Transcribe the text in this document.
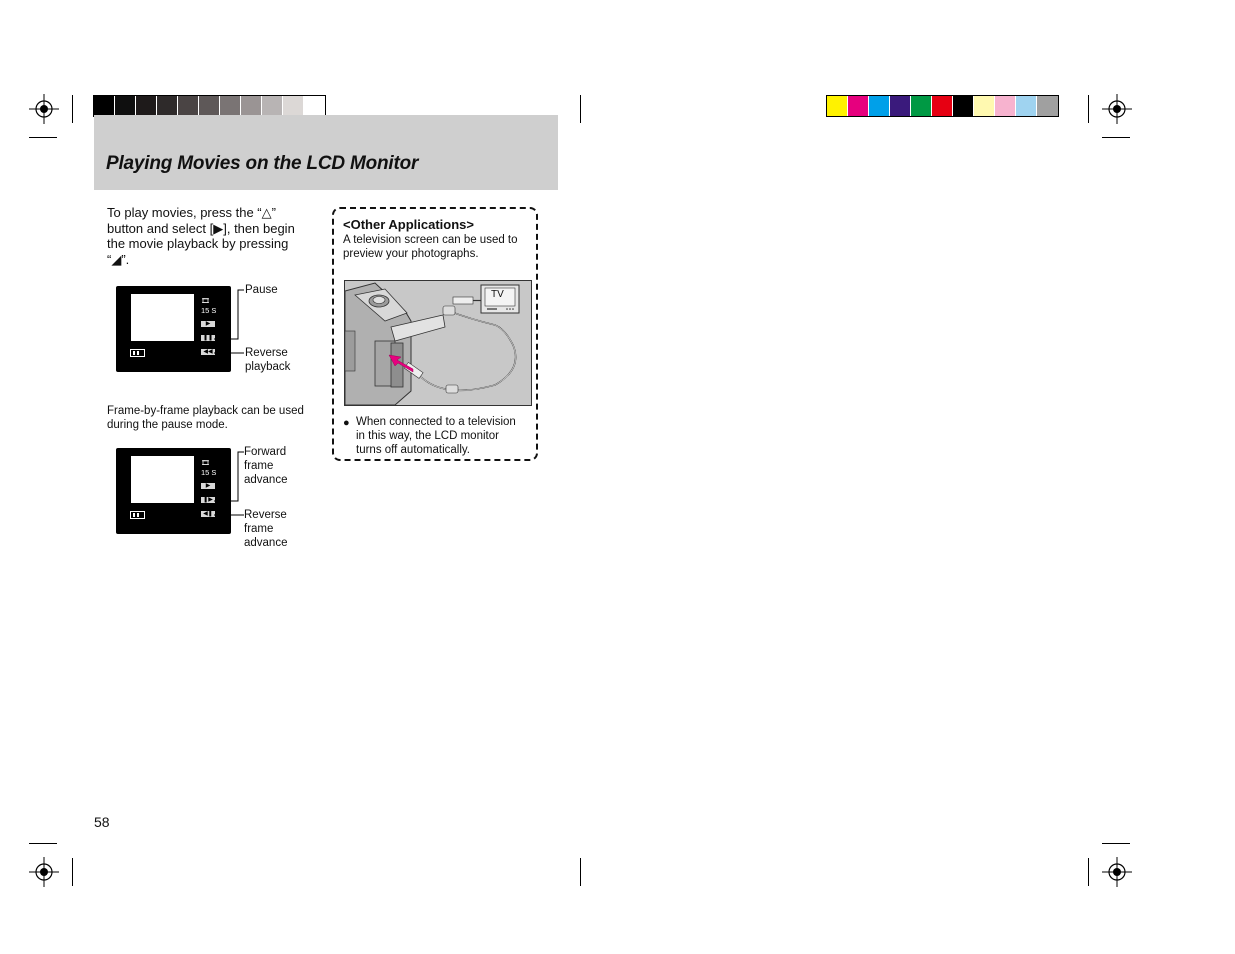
Playing Movies on the LCD Monitor
To play movies, press the “△”
button and select [▶], then begin
the movie playback by pressing
“◢”.
🎞
15 S
▶
❚❚
◀◀
Pause
Reverse
playback
Frame-by-frame playback can be used
during the pause mode.
🎞
15 S
▶
❚▶
◀❚
Forward
frame
advance
Reverse
frame
advance
<Other Applications>
A television screen can be used to
preview your photographs.
TV
● When connected to a television
in this way, the LCD monitor
turns off automatically.
58
